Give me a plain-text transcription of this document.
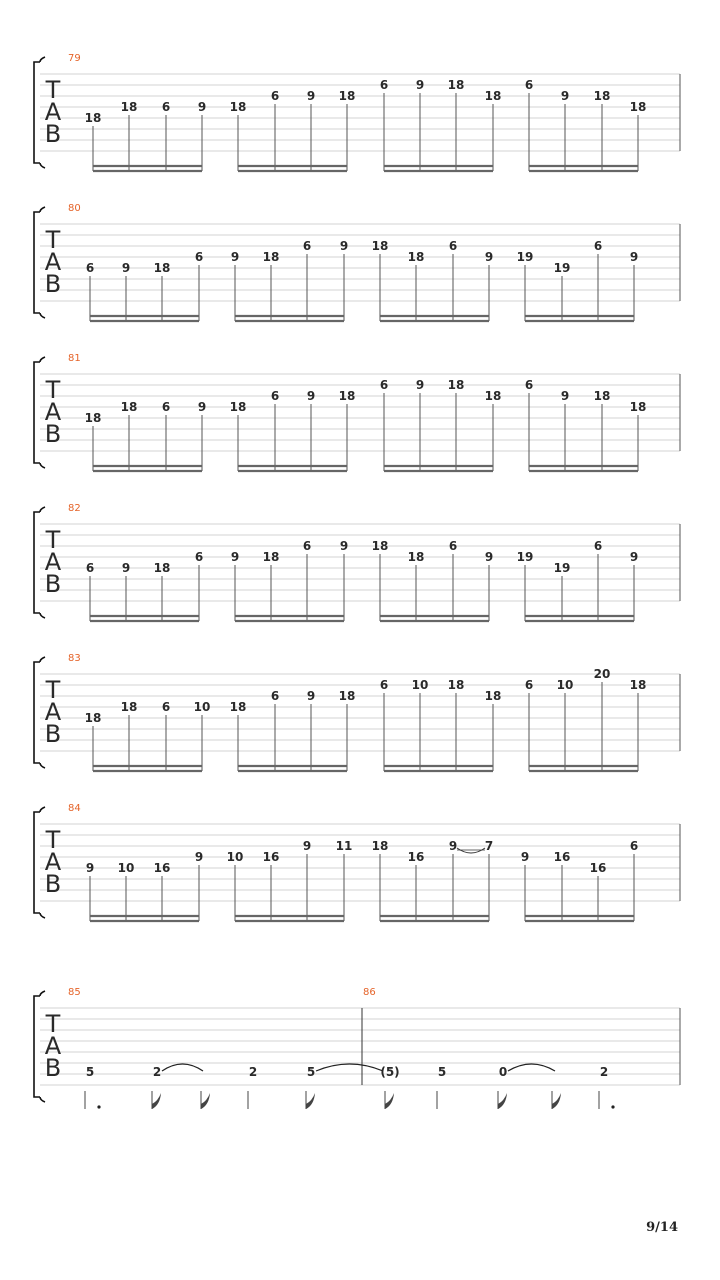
T
A
B
79
18
18 6 9 18
6 9 18
6 9 18
18
6
9 18
18
T
A
B
80
6 9 18
6 9 18
6 9 18
18
6
9 19
19
6
9
T
A
B
81
18
18 6 9 18
6 9 18
6 9 18
18
6
9 18
18
T
A
B
82
6 9 18
6 9 18
6 9 18
18
6
9 19
19
6
9
T
A
B
83
18
18 6 10 18
6 9 18
6 10 18
18
6 10
20
18
T
A
B
84
9 10 16
9 10 16
9 11 18
16
9 7
9 16
16
6
T
A
B
85	86
5	2	2	5	(5)	5	0	2
9/14
